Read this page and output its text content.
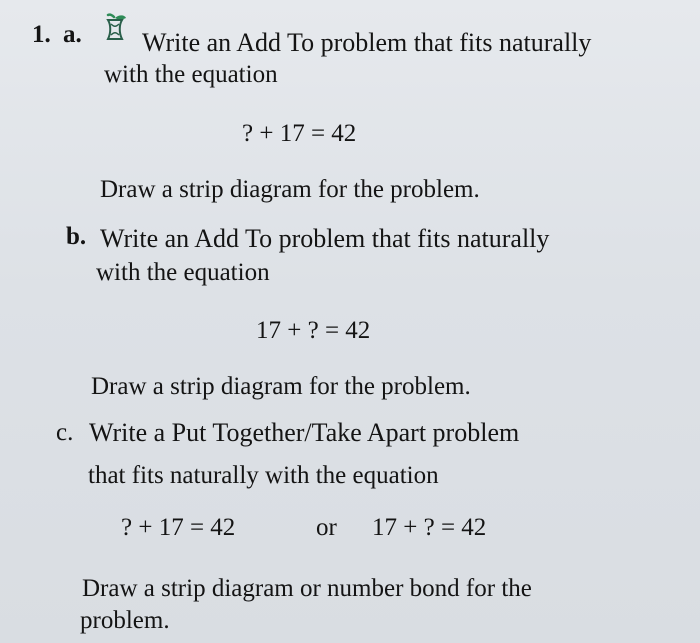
1. a. Write an Add To problem that fits naturally
with the equation
? + 17 = 42
Draw a strip diagram for the problem.
b. Write an Add To problem that fits naturally
with the equation
17 + ? = 42
Draw a strip diagram for the problem.
c. Write a Put Together/Take Apart problem
that fits naturally with the equation
? + 17 = 42	or 17 + ? = 42
Draw a strip diagram or number bond for the
problem.
